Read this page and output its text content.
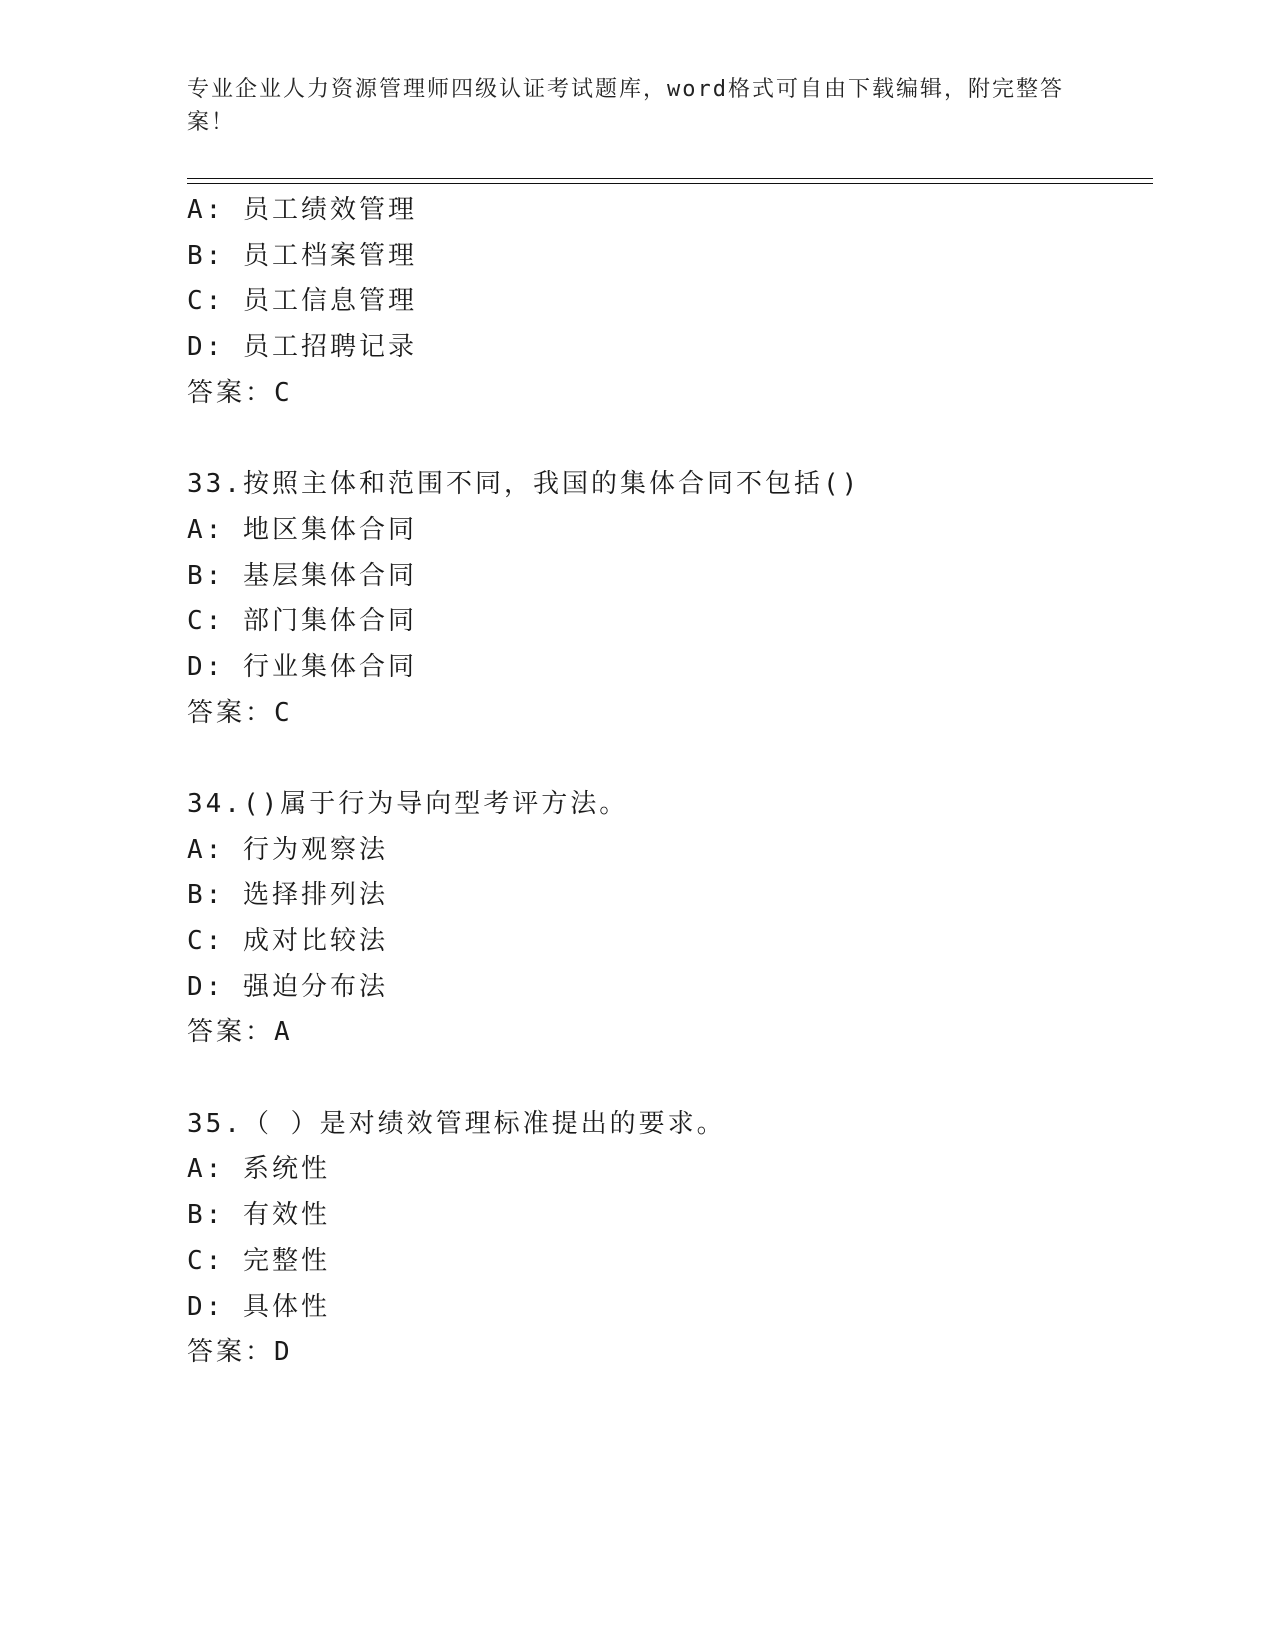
专业企业人力资源管理师四级认证考试题库，word格式可自由下载编辑，附完整答案！
A: 员工绩效管理
B: 员工档案管理
C: 员工信息管理
D: 员工招聘记录
答案：C
33.按照主体和范围不同，我国的集体合同不包括()
A: 地区集体合同
B: 基层集体合同
C: 部门集体合同
D: 行业集体合同
答案：C
34.()属于行为导向型考评方法。
A: 行为观察法
B: 选择排列法
C: 成对比较法
D: 强迫分布法
答案：A
35.（ ）是对绩效管理标准提出的要求。
A: 系统性
B: 有效性
C: 完整性
D: 具体性
答案：D
